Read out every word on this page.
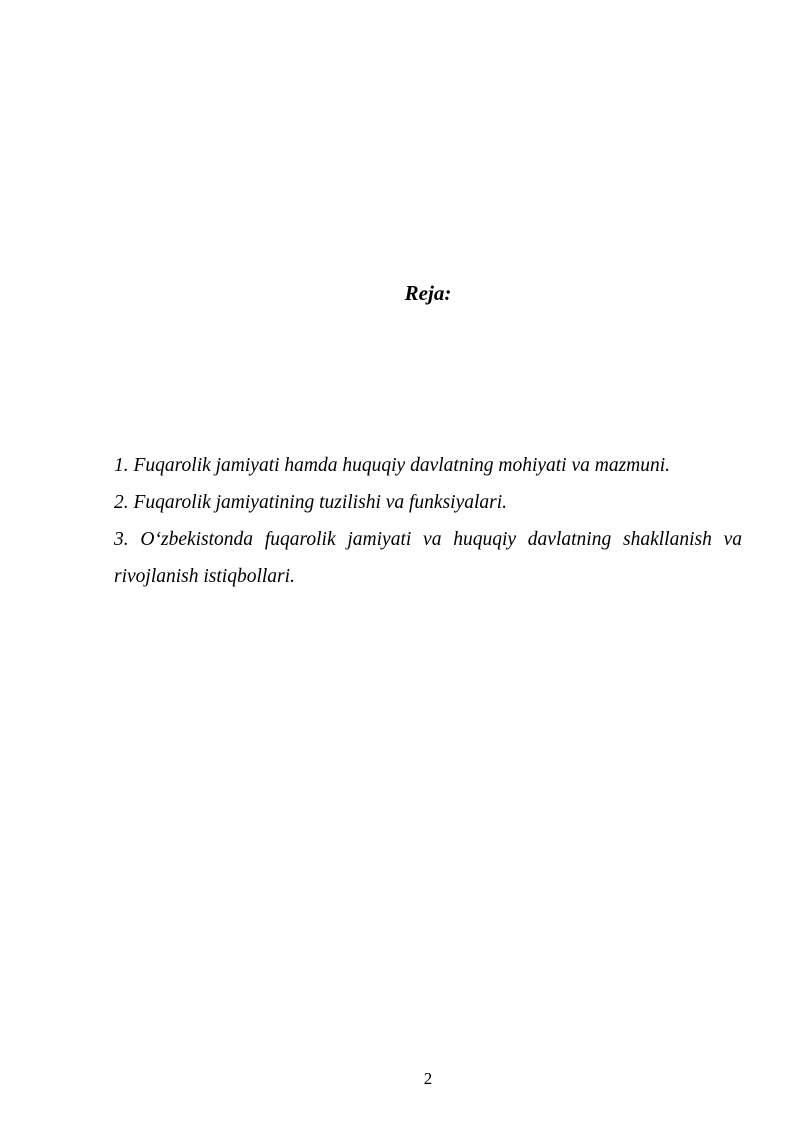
Reja:
1. Fuqarolik jamiyati hamda huquqiy davlatning mohiyati va mazmuni.
2. Fuqarolik jamiyatining tuzilishi va funksiyalari.
3. O‘zbekistonda fuqarolik jamiyati va huquqiy davlatning shakllanish va rivojlanish istiqbollari.
2
